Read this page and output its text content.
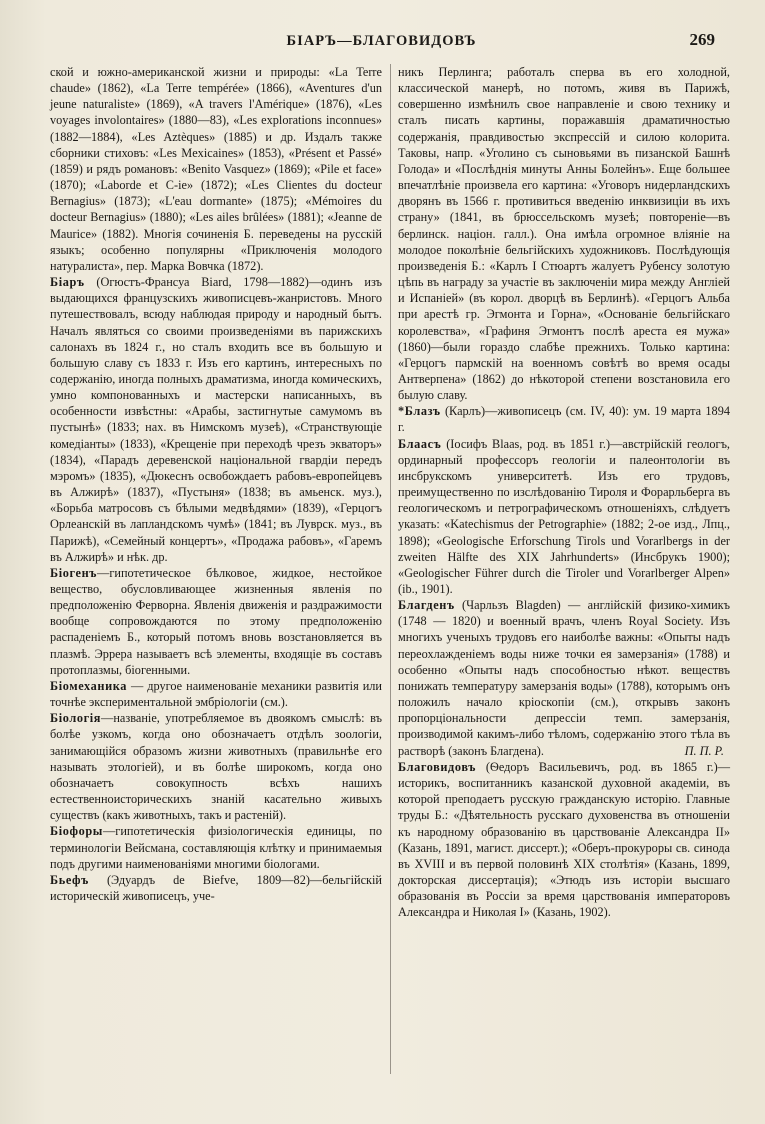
БІАРЪ—БЛАГОВИДОВЪ	269

ской и южно-американской жизни и природы: «La Terre chaude» (1862), «La Terre tempérée» (1866), «Aventures d'un jeune naturaliste» (1869), «A travers l'Amérique» (1876), «Les voyages involontaires» (1880—83), «Les explorations inconnues» (1882—1884), «Les Aztèques» (1885) и др. Издалъ также сборники стиховъ: «Les Mexicaines» (1853), «Présent et Passé» (1859) и рядъ романовъ: «Benito Vasquez» (1869); «Pile et face» (1870); «Laborde et C-ie» (1872); «Les Clientes du docteur Bernagius» (1873); «L'eau dormante» (1875); «Mémoires du docteur Bernagius» (1880); «Les ailes brûlées» (1881); «Jeanne de Maurice» (1882). Многія сочиненія Б. переведены на русскій языкъ; особенно популярны «Приключенія молодого натуралиста», пер. Марка Вовчка (1872).

Біаръ (Огюстъ-Франсуа Biard, 1798—1882)—одинъ изъ выдающихся французскихъ живописцевъ-жанристовъ. Много путешествовалъ, всюду наблюдая природу и народный бытъ. Началъ являться со своими произведеніями въ парижскихъ салонахъ въ 1824 г., но сталъ входить все въ большую и большую славу съ 1833 г. Изъ его картинъ, интересныхъ по содержанію, иногда полныхъ драматизма, иногда комическихъ, умно компонованныхъ и мастерски написанныхъ, въ особенности извѣстны: «Арабы, застигнутые самумомъ въ пустынѣ» (1833; нах. въ Нимскомъ музеѣ), «Странствующіе комедіанты» (1833), «Крещеніе при переходѣ чрезъ экваторъ» (1834), «Парадъ деревенской національной гвардіи передъ мэромъ» (1835), «Дюкеснъ освобождаетъ рабовъ-европейцевъ въ Алжирѣ» (1837), «Пустыня» (1838; въ амьенск. муз.), «Борьба матросовъ съ бѣлыми медвѣдями» (1839), «Герцогъ Орлеанскій въ лапландскомъ чумѣ» (1841; въ Луврск. муз., въ Парижѣ), «Семейный концертъ», «Продажа рабовъ», «Гаремъ въ Алжирѣ» и нѣк. др.

Біогенъ—гипотетическое бѣлковое, жидкое, нестойкое вещество, обусловливающее жизненныя явленія по предположенію Ферворна. Явленія движенія и раздражимости вообще сопровождаются по этому предположенію распаденіемъ Б., который потомъ вновь возстановляется въ плазмѣ. Эррера называетъ всѣ элементы, входящіе въ составъ протоплазмы, біогенными.

Біомеханика — другое наименованіе механики развитія или точнѣе экспериментальной эмбріологіи (см.).

Біологія—названіе, употребляемое въ двоякомъ смыслѣ: въ болѣе узкомъ, когда оно обозначаетъ отдѣлъ зоологіи, занимающійся образомъ жизни животныхъ (правильнѣе его называть этологіей), и въ болѣе широкомъ, когда оно обозначаетъ совокупность всѣхъ нашихъ естественноисторическихъ знаній касательно живыхъ существъ (какъ животныхъ, такъ и растеній).

Біофоры—гипотетическія физіологическія единицы, по терминологіи Вейсмана, составляющія клѣтку и принимаемыя подъ другими наименованіями многими біологами.

Бьефъ (Эдуардъ de Biefve, 1809—82)—бельгійскій историческій живописецъ, уче-

никъ Перлинга; работалъ сперва въ его холодной, классической манерѣ, но потомъ, живя въ Парижѣ, совершенно измѣнилъ свое направленіе и свою технику и сталъ писать картины, поражавшія драматичностью содержанія, правдивостью экспрессій и силою колорита. Таковы, напр. «Уголино съ сыновьями въ пизанской Башнѣ Голода» и «Послѣднія минуты Анны Болейнъ». Еще большее впечатлѣніе произвела его картина: «Уговоръ нидерландскихъ дворянъ въ 1566 г. противиться введенію инквизиціи въ ихъ страну» (1841, въ брюссельскомъ музеѣ; повтореніе—въ берлинск. націон. галл.). Она имѣла огромное вліяніе на молодое поколѣніе бельгійскихъ художниковъ. Послѣдующія произведенія Б.: «Карлъ I Стюартъ жалуетъ Рубенсу золотую цѣпь въ награду за участіе въ заключеніи мира между Англіей и Испаніей» (въ корол. дворцѣ въ Берлинѣ). «Герцогъ Альба при арестѣ гр. Эгмонта и Горна», «Основаніе бельгійскаго королевства», «Графиня Эгмонтъ послѣ ареста ея мужа» (1860)—были гораздо слабѣе прежнихъ. Только картина: «Герцогъ пармскій на военномъ совѣтѣ во время осады Антверпена» (1862) до нѣкоторой степени возстановила его былую славу.

*Блазъ (Карлъ)—живописецъ (см. IV, 40): ум. 19 марта 1894 г.

Блаасъ (Іосифъ Blaas, род. въ 1851 г.)—австрійскій геологъ, ординарный профессоръ геологіи и палеонтологіи въ инсбрукскомъ университетѣ. Изъ его трудовъ, преимущественно по изслѣдованію Тироля и Форарльберга въ геологическомъ и петрографическомъ отношеніяхъ, слѣдуетъ указать: «Katechismus der Petrographie» (1882; 2-ое изд., Лпц., 1898); «Geologische Erforschung Tirols und Vorarlbergs in der zweiten Hälfte des XIX Jahrhunderts» (Инсбрукъ 1900); «Geologischer Führer durch die Tiroler und Vorarlberger Alpen» (ib., 1901).

Благденъ (Чарльзъ Blagden) — англійскій физико-химикъ (1748 — 1820) и военный врачъ, членъ Royal Society. Изъ многихъ ученыхъ трудовъ его наиболѣе важны: «Опыты надъ переохлажденіемъ воды ниже точки ея замерзанія» (1788) и особенно «Опыты надъ способностью нѣкот. веществъ понижать температуру замерзанія воды» (1788), которымъ онъ положилъ начало кріоскопіи (см.), открывъ законъ пропорціональности депрессіи темп. замерзанія, производимой какимъ-либо тѣломъ, содержанію этого тѣла въ растворѣ (законъ Благдена).	П. П. Р.

Благовидовъ (Ѳедоръ Васильевичъ, род. въ 1865 г.)—историкъ, воспитанникъ казанской духовной академіи, въ которой преподаетъ русскую гражданскую исторію. Главные труды Б.: «Дѣятельность русскаго духовенства въ отношеніи къ народному образованію въ царствованіе Александра II» (Казань, 1891, магист. диссерт.); «Оберъ-прокуроры св. синода въ XVIII и въ первой половинѣ XIX столѣтія» (Казань, 1899, докторская диссертація); «Этюдъ изъ исторіи высшаго образованія въ Россіи за время царствованія императоровъ Александра и Николая I» (Казань, 1902).
